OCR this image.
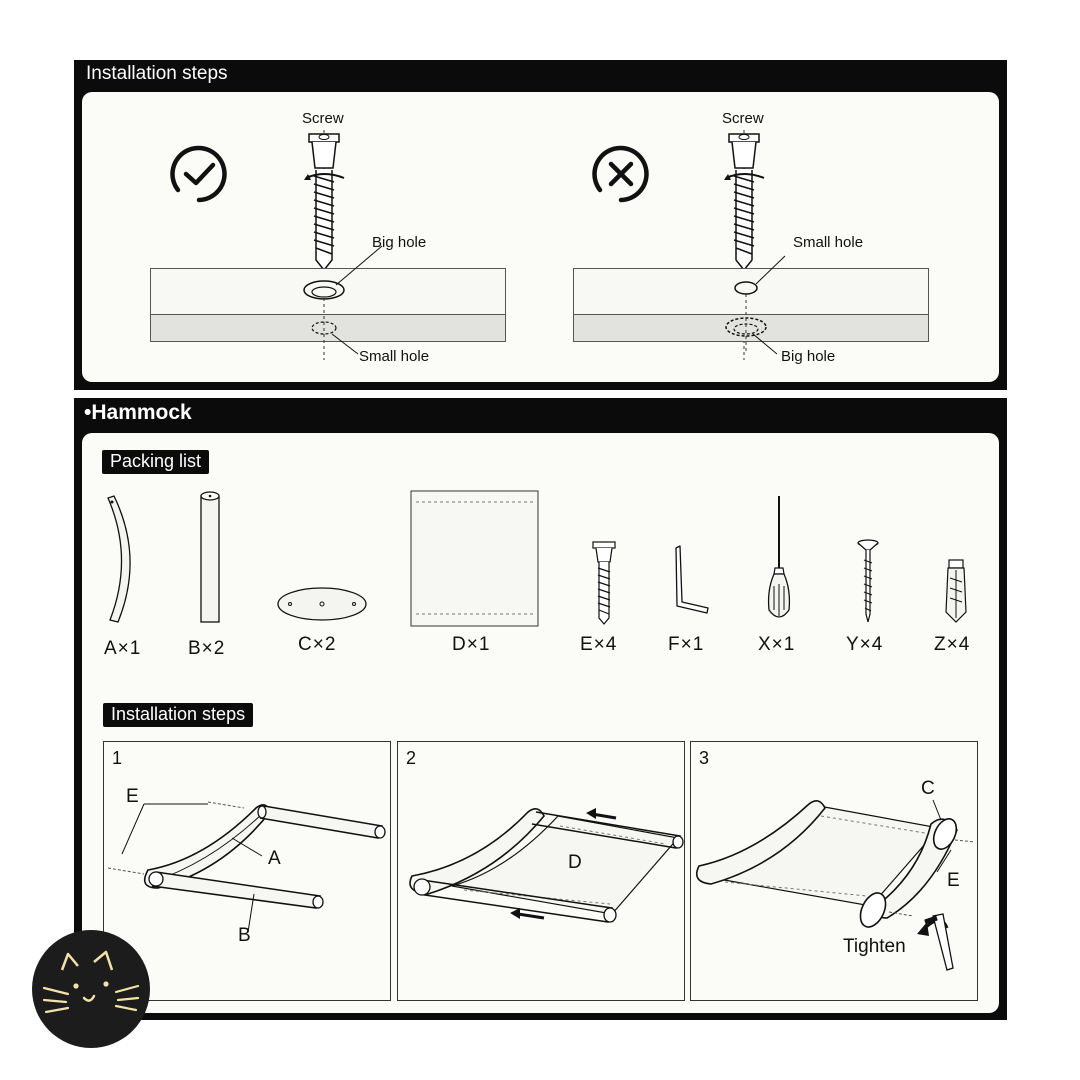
Installation steps
Screw
Big hole
Small hole
Screw
Small hole
Big hole
•Hammock
Packing list
A×1 B×2	C×2	D×1	E×4	F×1	X×1	Y×4	Z×4
Installation steps
1
E
A
B
2
D
3
C
E
Tighten
